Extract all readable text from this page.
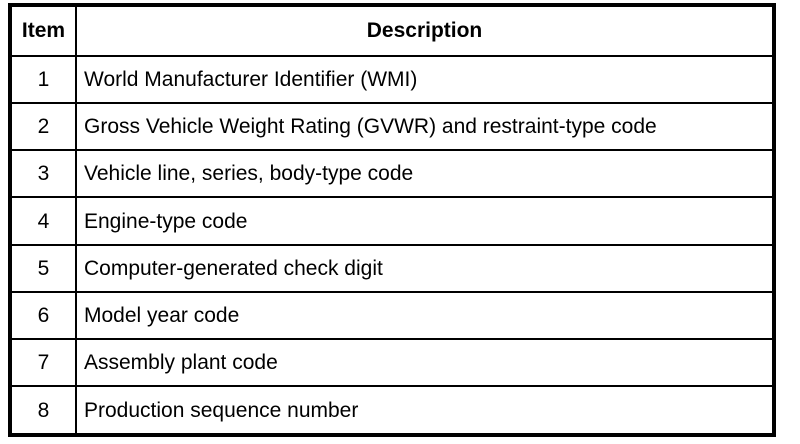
Item	Description
1	World Manufacturer Identifier (WMI)
2	Gross Vehicle Weight Rating (GVWR) and restraint-type code
3	Vehicle line, series, body-type code
4	Engine-type code
5	Computer-generated check digit
6	Model year code
7	Assembly plant code
8	Production sequence number
